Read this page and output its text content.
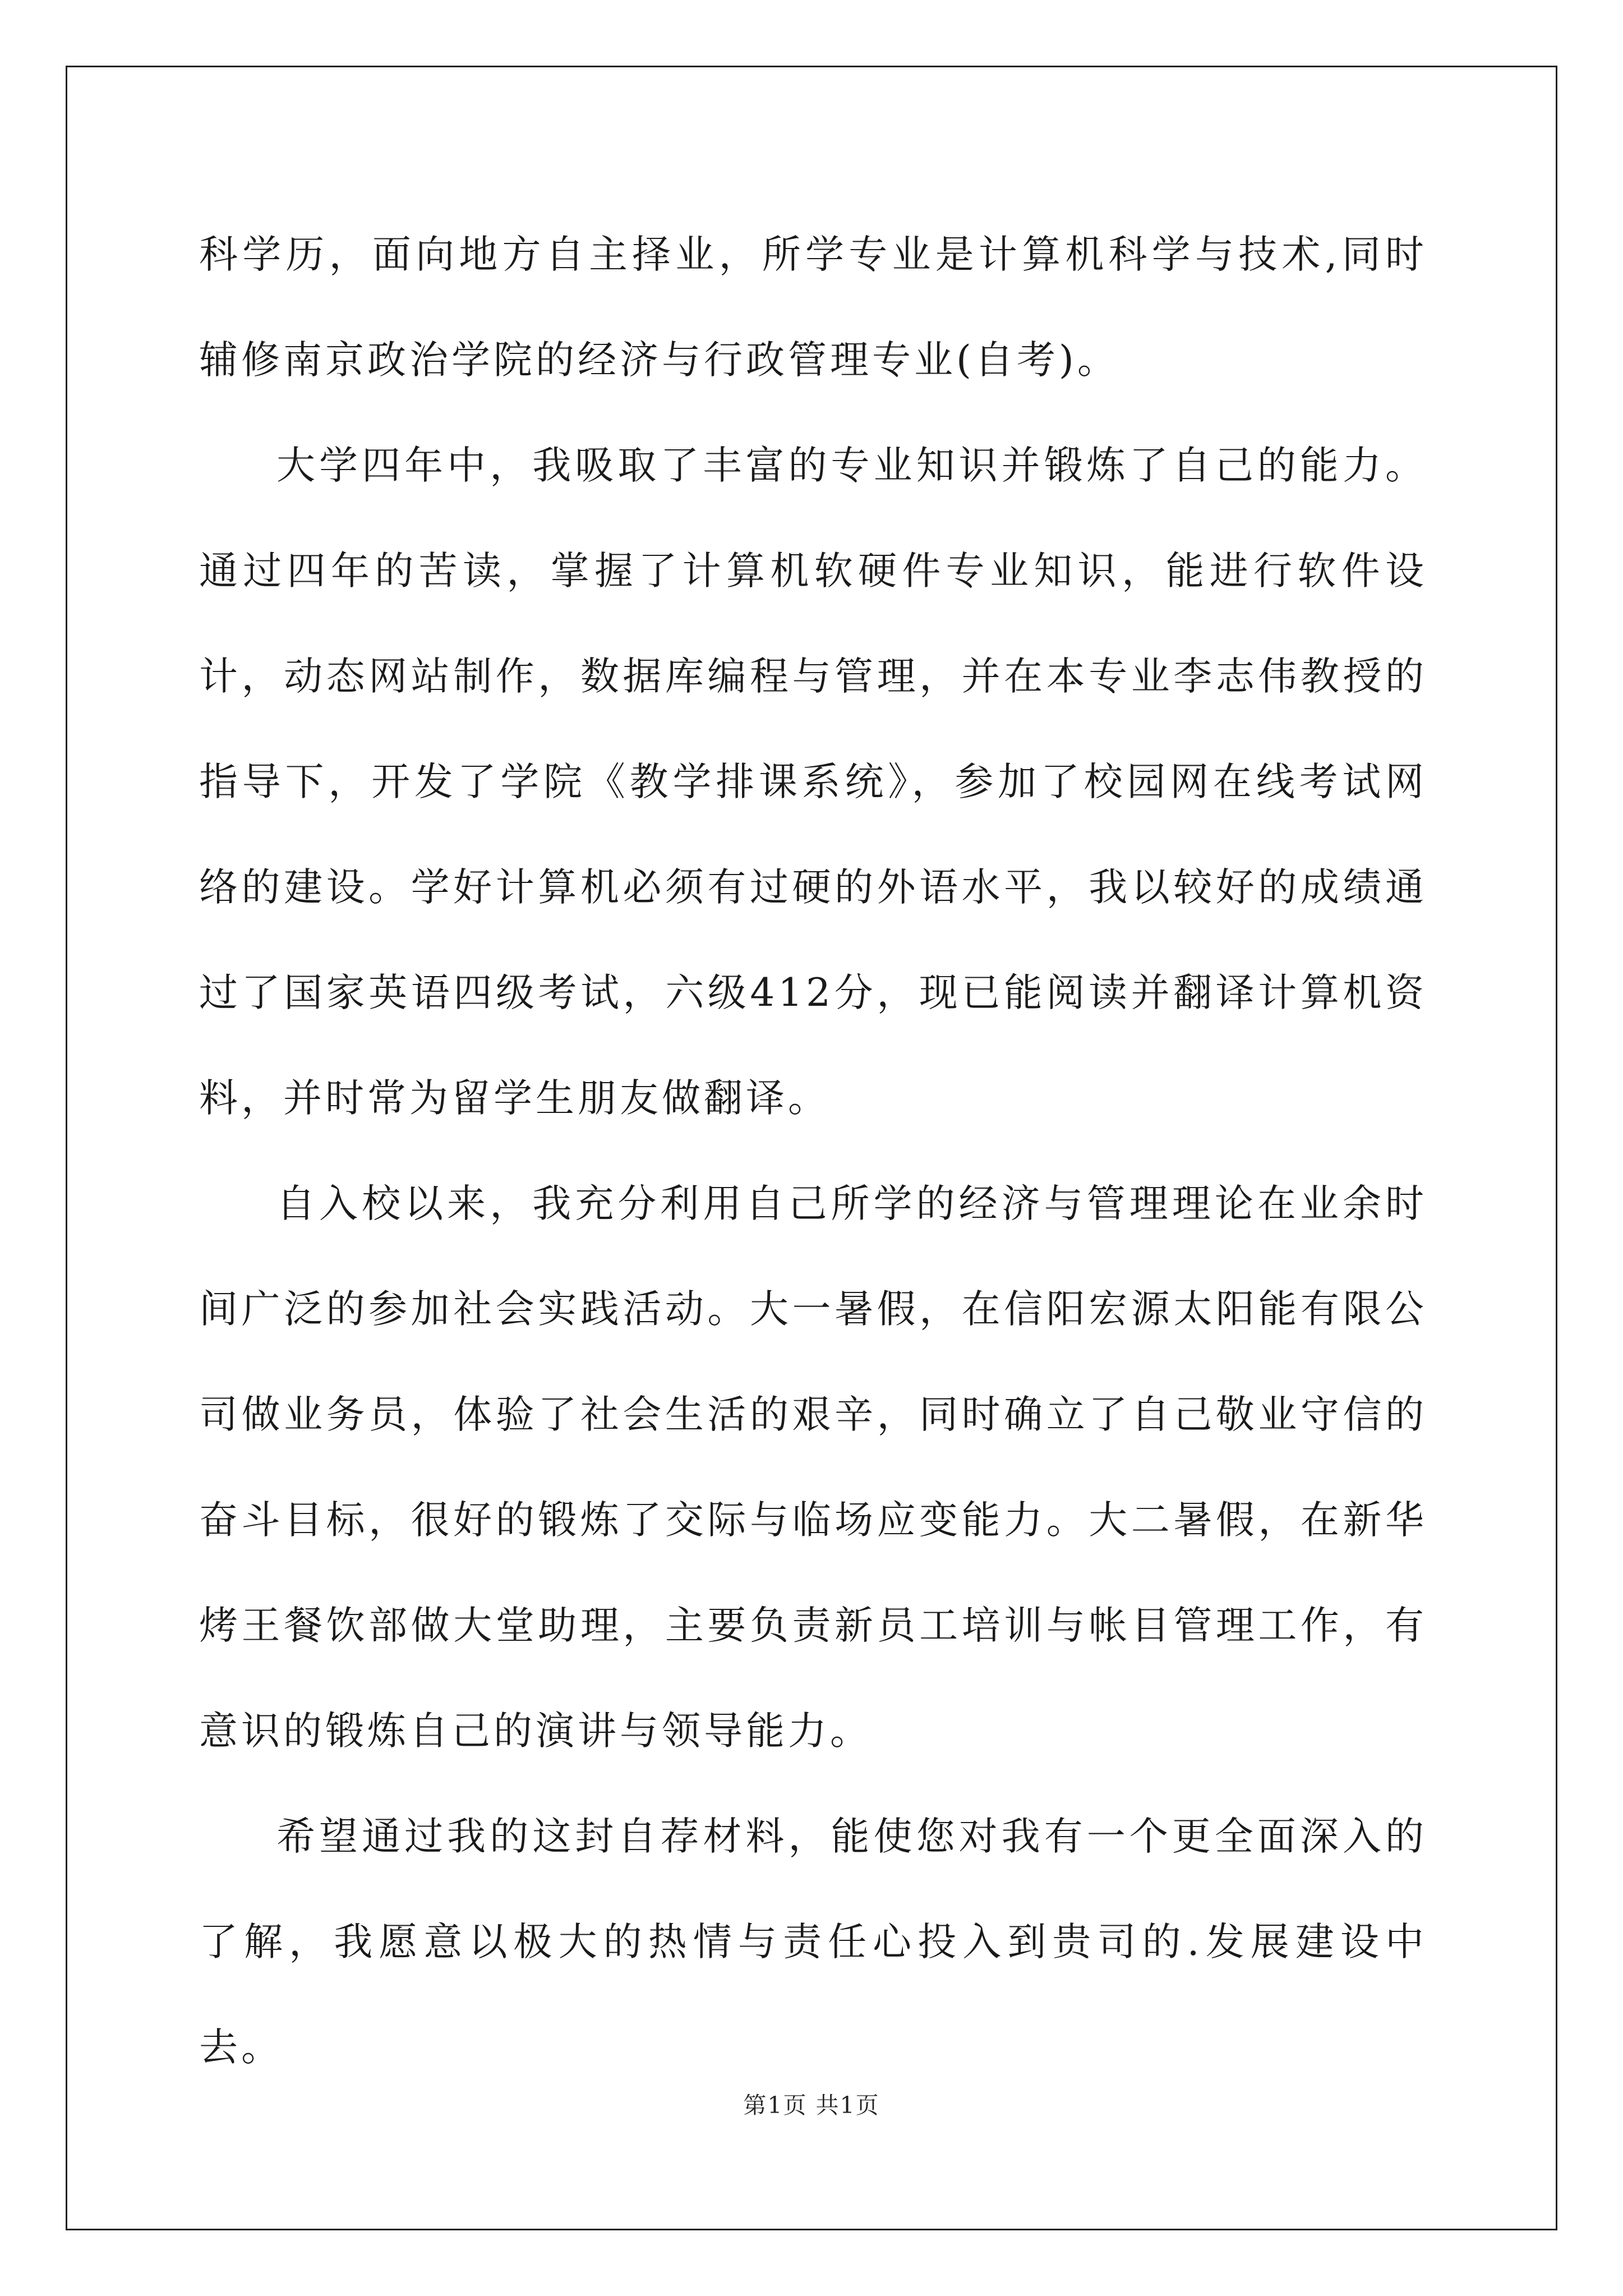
科学历，面向地方自主择业，所学专业是计算机科学与技术,同时辅修南京政治学院的经济与行政管理专业(自考)。

大学四年中，我吸取了丰富的专业知识并锻炼了自己的能力。通过四年的苦读，掌握了计算机软硬件专业知识，能进行软件设计，动态网站制作，数据库编程与管理，并在本专业李志伟教授的指导下，开发了学院《教学排课系统》，参加了校园网在线考试网络的建设。学好计算机必须有过硬的外语水平，我以较好的成绩通过了国家英语四级考试，六级412分，现已能阅读并翻译计算机资料，并时常为留学生朋友做翻译。

自入校以来，我充分利用自己所学的经济与管理理论在业余时间广泛的参加社会实践活动。大一暑假，在信阳宏源太阳能有限公司做业务员，体验了社会生活的艰辛，同时确立了自己敬业守信的奋斗目标，很好的锻炼了交际与临场应变能力。大二暑假，在新华烤王餐饮部做大堂助理，主要负责新员工培训与帐目管理工作，有意识的锻炼自己的演讲与领导能力。

希望通过我的这封自荐材料，能使您对我有一个更全面深入的了解，我愿意以极大的热情与责任心投入到贵司的.发展建设中去。

第1页 共1页
